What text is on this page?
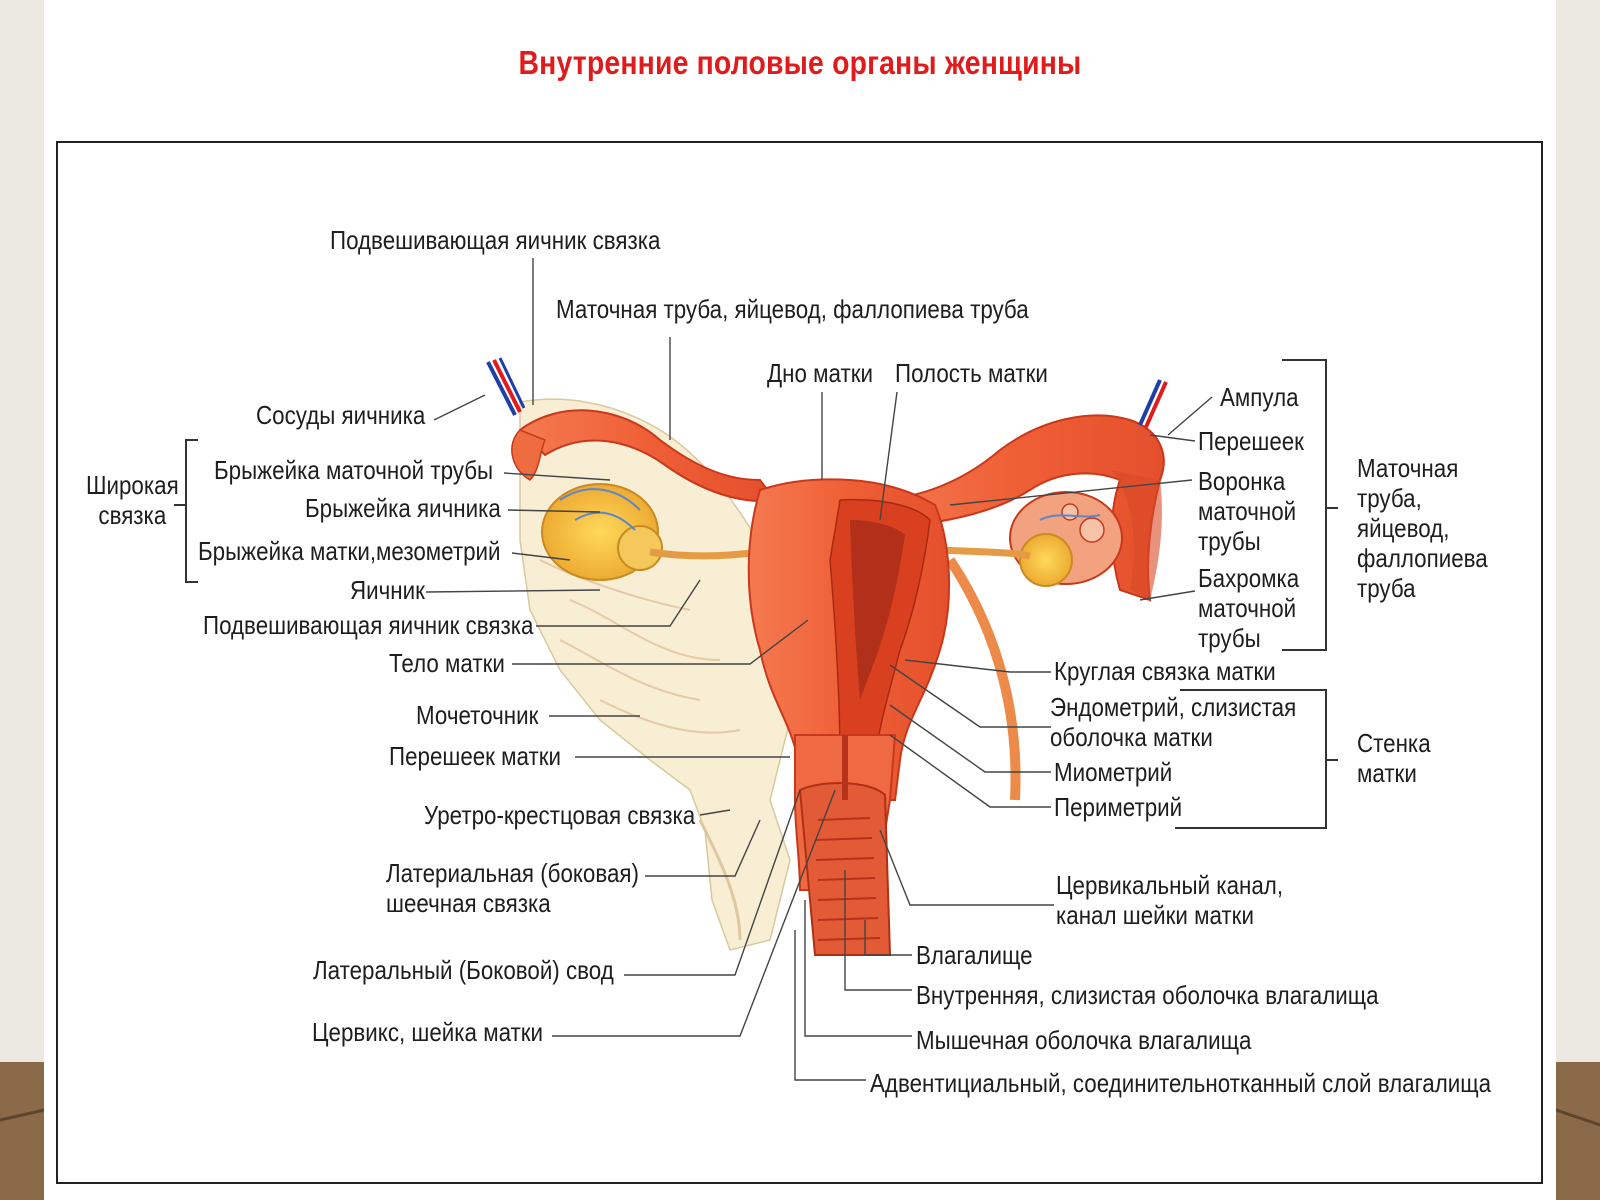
Внутренние половые органы женщины
Подвешивающая яичник связка
Маточная труба, яйцевод, фаллопиева труба
Дно матки Полость матки
Сосуды яичника
Широкая
связка
Брыжейка маточной трубы
Брыжейка яичника
Брыжейка матки,мезометрий
Яичник
Подвешивающая яичник связка
Тело матки
Мочеточник
Перешеек матки
Уретро-крестцовая связка
Латериальная (боковая)
шеечная связка
Латеральный (Боковой) свод
Цервикс, шейка матки
Ампула
Перешеек
Воронка
маточной
трубы
Бахромка
маточной
трубы
Маточная
труба,
яйцевод,
фаллопиева
труба
Круглая связка матки
Эндометрий, слизистая
оболочка матки
Миометрий
Периметрий
Стенка
матки
Цервикальный канал,
канал шейки матки
Влагалище
Внутренняя, слизистая оболочка влагалища
Мышечная оболочка влагалища
Адвентициальный, соединительнотканный слой влагалища
